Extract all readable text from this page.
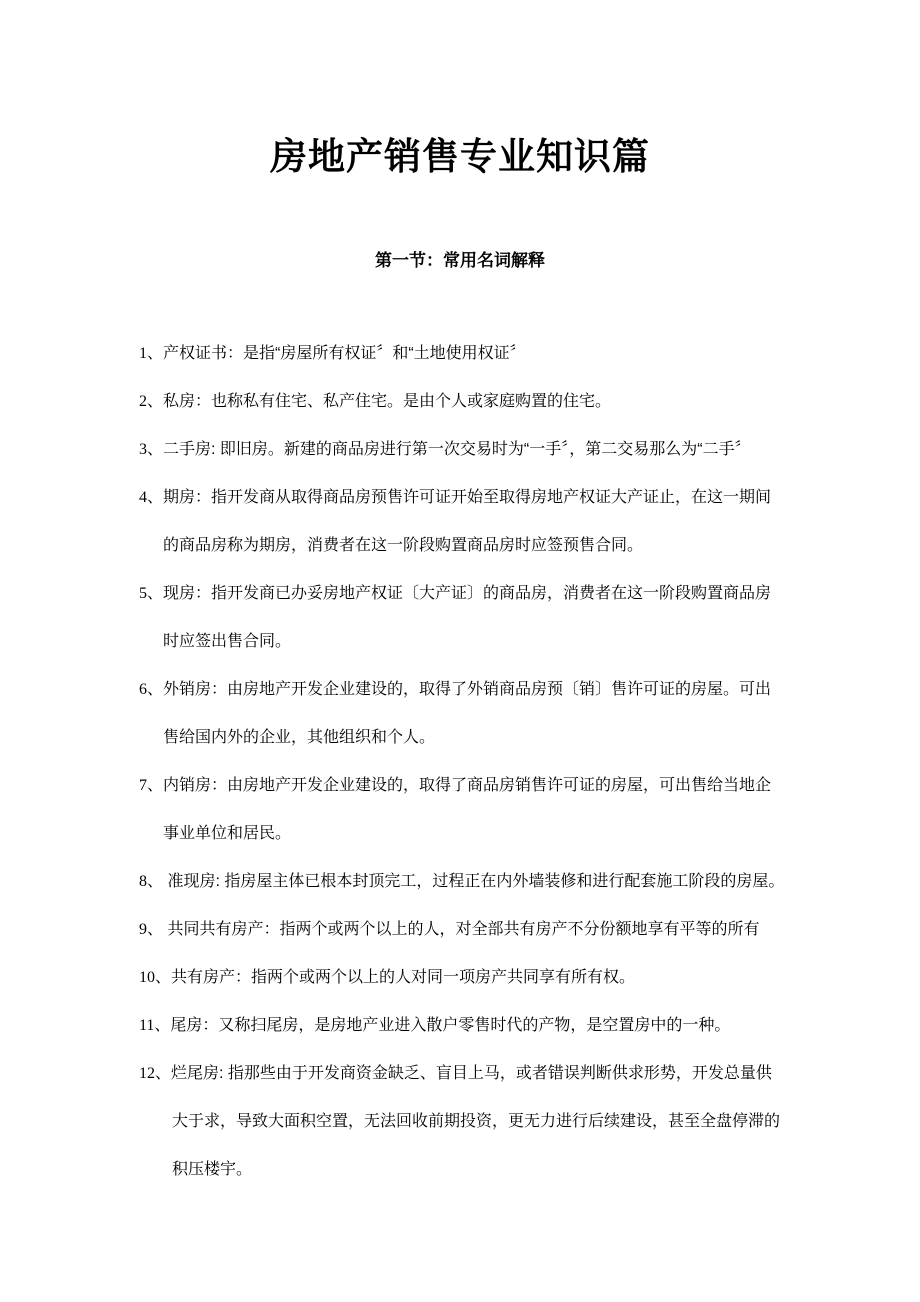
房地产销售专业知识篇
第一节：常用名词解释
1、产权证书：是指“房屋所有权证〞和“土地使用权证〞
2、私房：也称私有住宅、私产住宅。是由个人或家庭购置的住宅。
3、二手房: 即旧房。新建的商品房进行第一次交易时为“一手〞，第二交易那么为“二手〞
4、期房：指开发商从取得商品房预售许可证开始至取得房地产权证大产证止，在这一期间
的商品房称为期房，消费者在这一阶段购置商品房时应签预售合同。
5、现房：指开发商已办妥房地产权证〔大产证〕的商品房，消费者在这一阶段购置商品房
时应签出售合同。
6、外销房：由房地产开发企业建设的，取得了外销商品房预〔销〕售许可证的房屋。可出
售给国内外的企业，其他组织和个人。
7、内销房：由房地产开发企业建设的，取得了商品房销售许可证的房屋，可出售给当地企
事业单位和居民。
8、 准现房: 指房屋主体已根本封顶完工，过程正在内外墙装修和进行配套施工阶段的房屋。
9、 共同共有房产：指两个或两个以上的人，对全部共有房产不分份额地享有平等的所有
10、共有房产：指两个或两个以上的人对同一项房产共同享有所有权。
11、尾房：又称扫尾房，是房地产业进入散户零售时代的产物，是空置房中的一种。
12、烂尾房: 指那些由于开发商资金缺乏、盲目上马，或者错误判断供求形势，开发总量供
大于求，导致大面积空置，无法回收前期投资，更无力进行后续建设，甚至全盘停滞的
积压楼宇。
